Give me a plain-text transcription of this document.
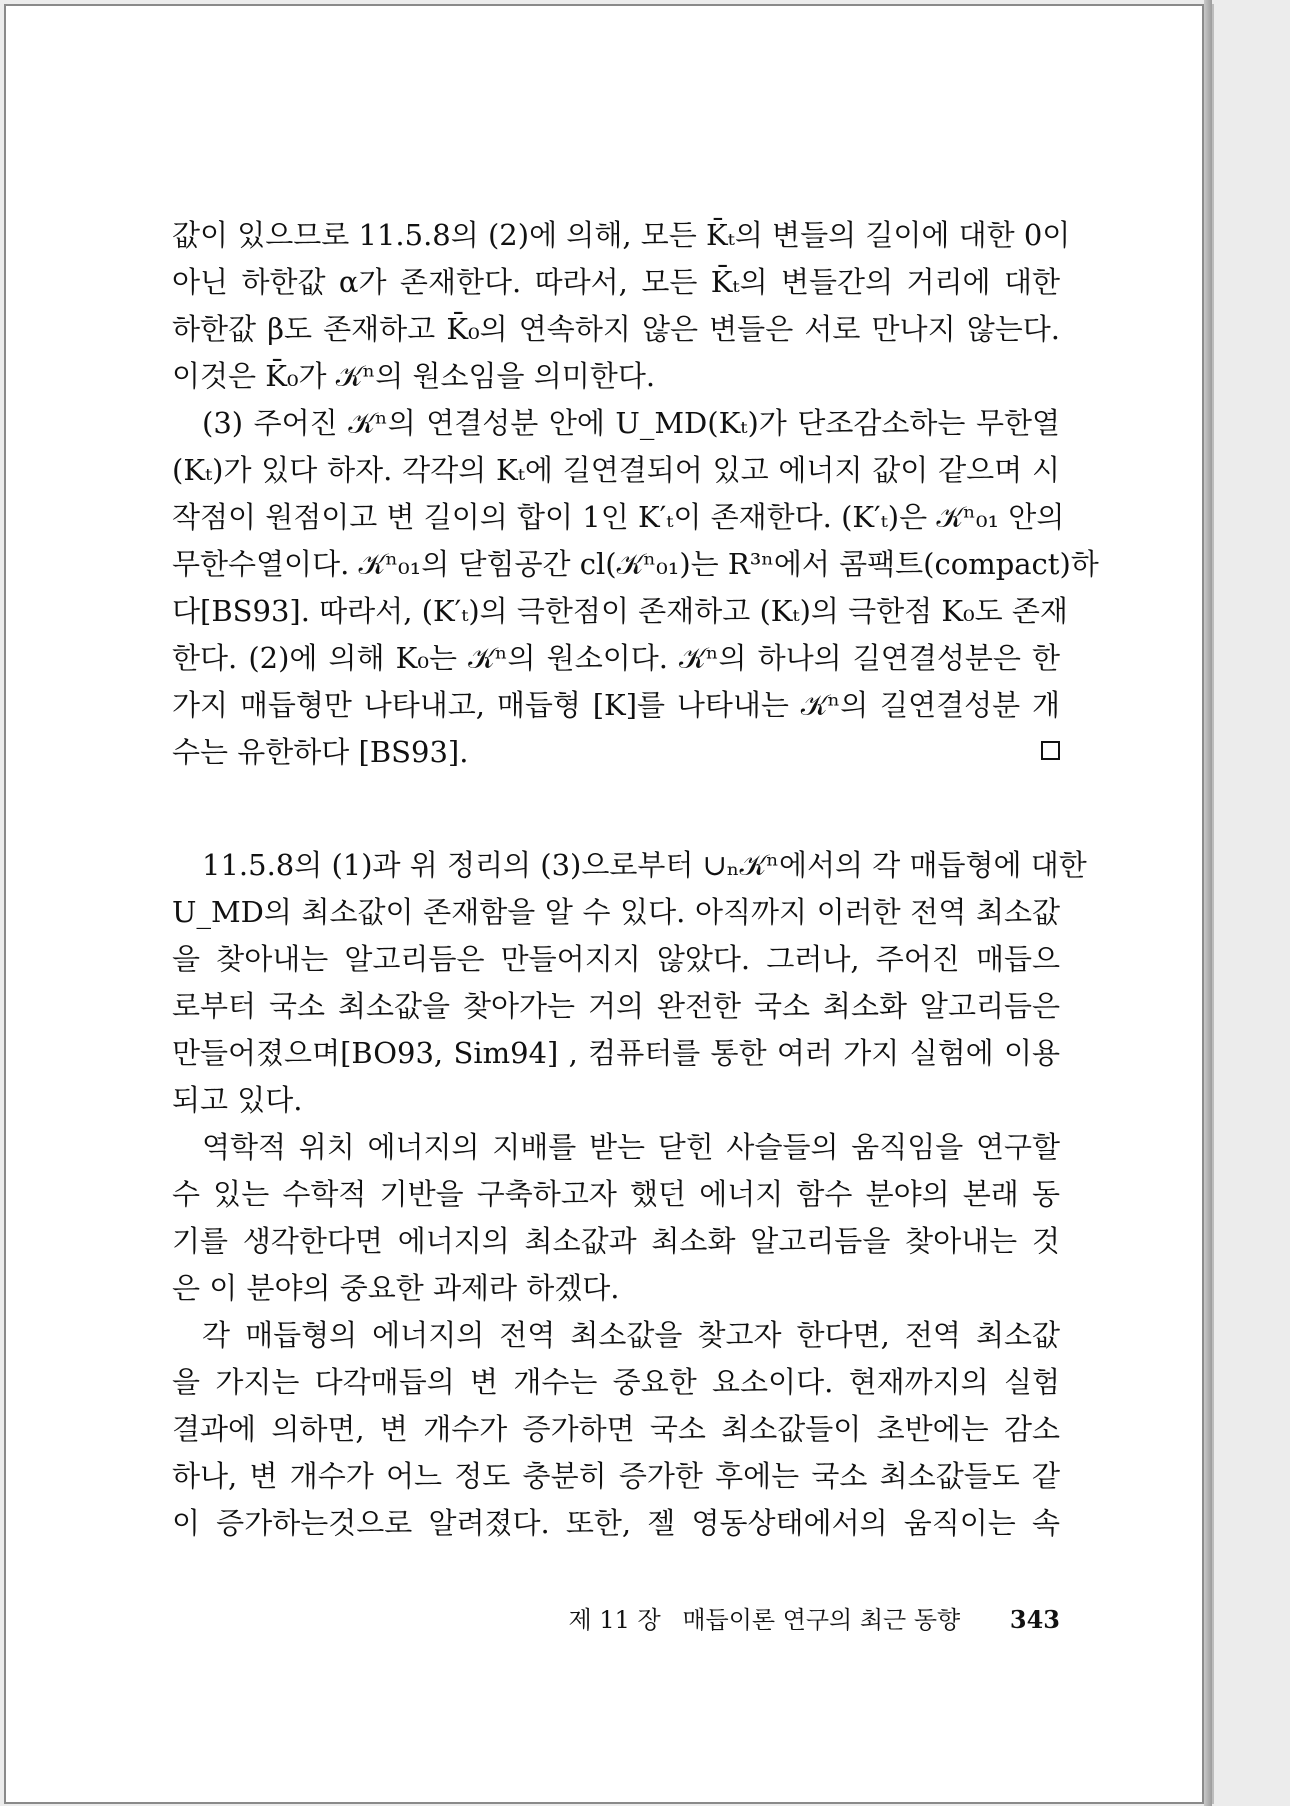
값이 있으므로 11.5.8의 (2)에 의해, 모든 K̄ₜ의 변들의 길이에 대한 0이
아닌 하한값 α가 존재한다. 따라서, 모든 K̄ₜ의 변들간의 거리에 대한
하한값 β도 존재하고 K̄₀의 연속하지 않은 변들은 서로 만나지 않는다.
이것은 K̄₀가 𝒦ⁿ의 원소임을 의미한다.
(3) 주어진 𝒦ⁿ의 연결성분 안에 U_MD(Kₜ)가 단조감소하는 무한열
(Kₜ)가 있다 하자. 각각의 Kₜ에 길연결되어 있고 에너지 값이 같으며 시
작점이 원점이고 변 길이의 합이 1인 K′ₜ이 존재한다. (K′ₜ)은 𝒦ⁿ₀₁ 안의
무한수열이다. 𝒦ⁿ₀₁의 닫힘공간 cl(𝒦ⁿ₀₁)는 R³ⁿ에서 콤팩트(compact)하
다[BS93]. 따라서, (K′ₜ)의 극한점이 존재하고 (Kₜ)의 극한점 K₀도 존재
한다. (2)에 의해 K₀는 𝒦ⁿ의 원소이다. 𝒦ⁿ의 하나의 길연결성분은 한
가지 매듭형만 나타내고, 매듭형 [K]를 나타내는 𝒦ⁿ의 길연결성분 개
수는 유한하다 [BS93].
11.5.8의 (1)과 위 정리의 (3)으로부터 ∪ₙ𝒦ⁿ에서의 각 매듭형에 대한
U_MD의 최소값이 존재함을 알 수 있다. 아직까지 이러한 전역 최소값
을 찾아내는 알고리듬은 만들어지지 않았다. 그러나, 주어진 매듭으
로부터 국소 최소값을 찾아가는 거의 완전한 국소 최소화 알고리듬은
만들어졌으며[BO93, Sim94] , 컴퓨터를 통한 여러 가지 실험에 이용
되고 있다.
역학적 위치 에너지의 지배를 받는 닫힌 사슬들의 움직임을 연구할
수 있는 수학적 기반을 구축하고자 했던 에너지 함수 분야의 본래 동
기를 생각한다면 에너지의 최소값과 최소화 알고리듬을 찾아내는 것
은 이 분야의 중요한 과제라 하겠다.
각 매듭형의 에너지의 전역 최소값을 찾고자 한다면, 전역 최소값
을 가지는 다각매듭의 변 개수는 중요한 요소이다. 현재까지의 실험
결과에 의하면, 변 개수가 증가하면 국소 최소값들이 초반에는 감소
하나, 변 개수가 어느 정도 충분히 증가한 후에는 국소 최소값들도 같
이 증가하는것으로 알려졌다. 또한, 젤 영동상태에서의 움직이는 속
제 11 장 매듭이론 연구의 최근 동향 343
